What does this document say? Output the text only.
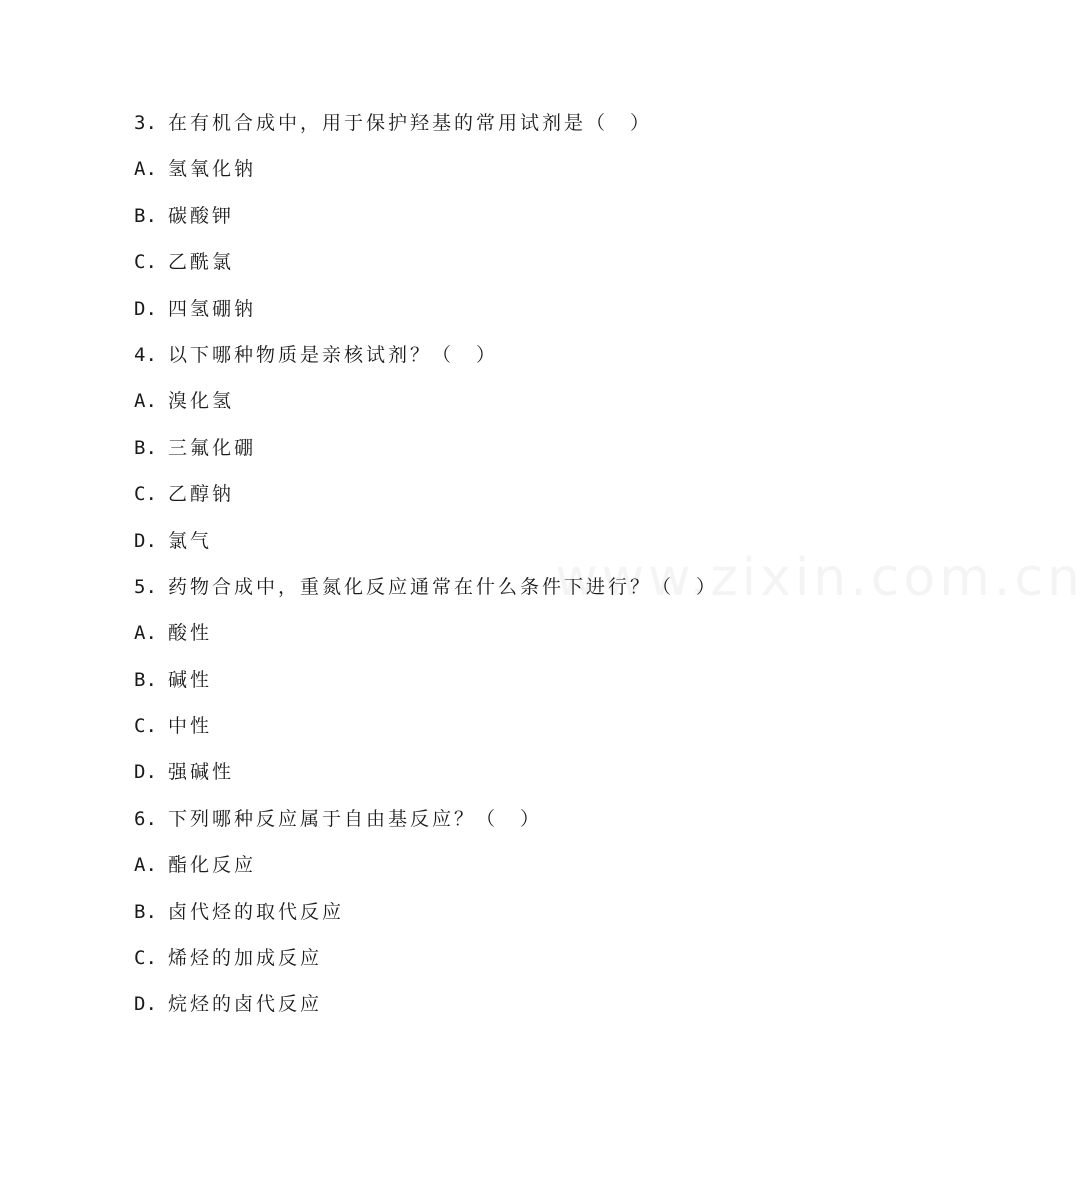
www.zixin.com.cn
3. 在有机合成中，用于保护羟基的常用试剂是（　）
A. 氢氧化钠
B. 碳酸钾
C. 乙酰氯
D. 四氢硼钠
4. 以下哪种物质是亲核试剂？（　）
A. 溴化氢
B. 三氟化硼
C. 乙醇钠
D. 氯气
5. 药物合成中，重氮化反应通常在什么条件下进行？（　）
A. 酸性
B. 碱性
C. 中性
D. 强碱性
6. 下列哪种反应属于自由基反应？（　）
A. 酯化反应
B. 卤代烃的取代反应
C. 烯烃的加成反应
D. 烷烃的卤代反应
